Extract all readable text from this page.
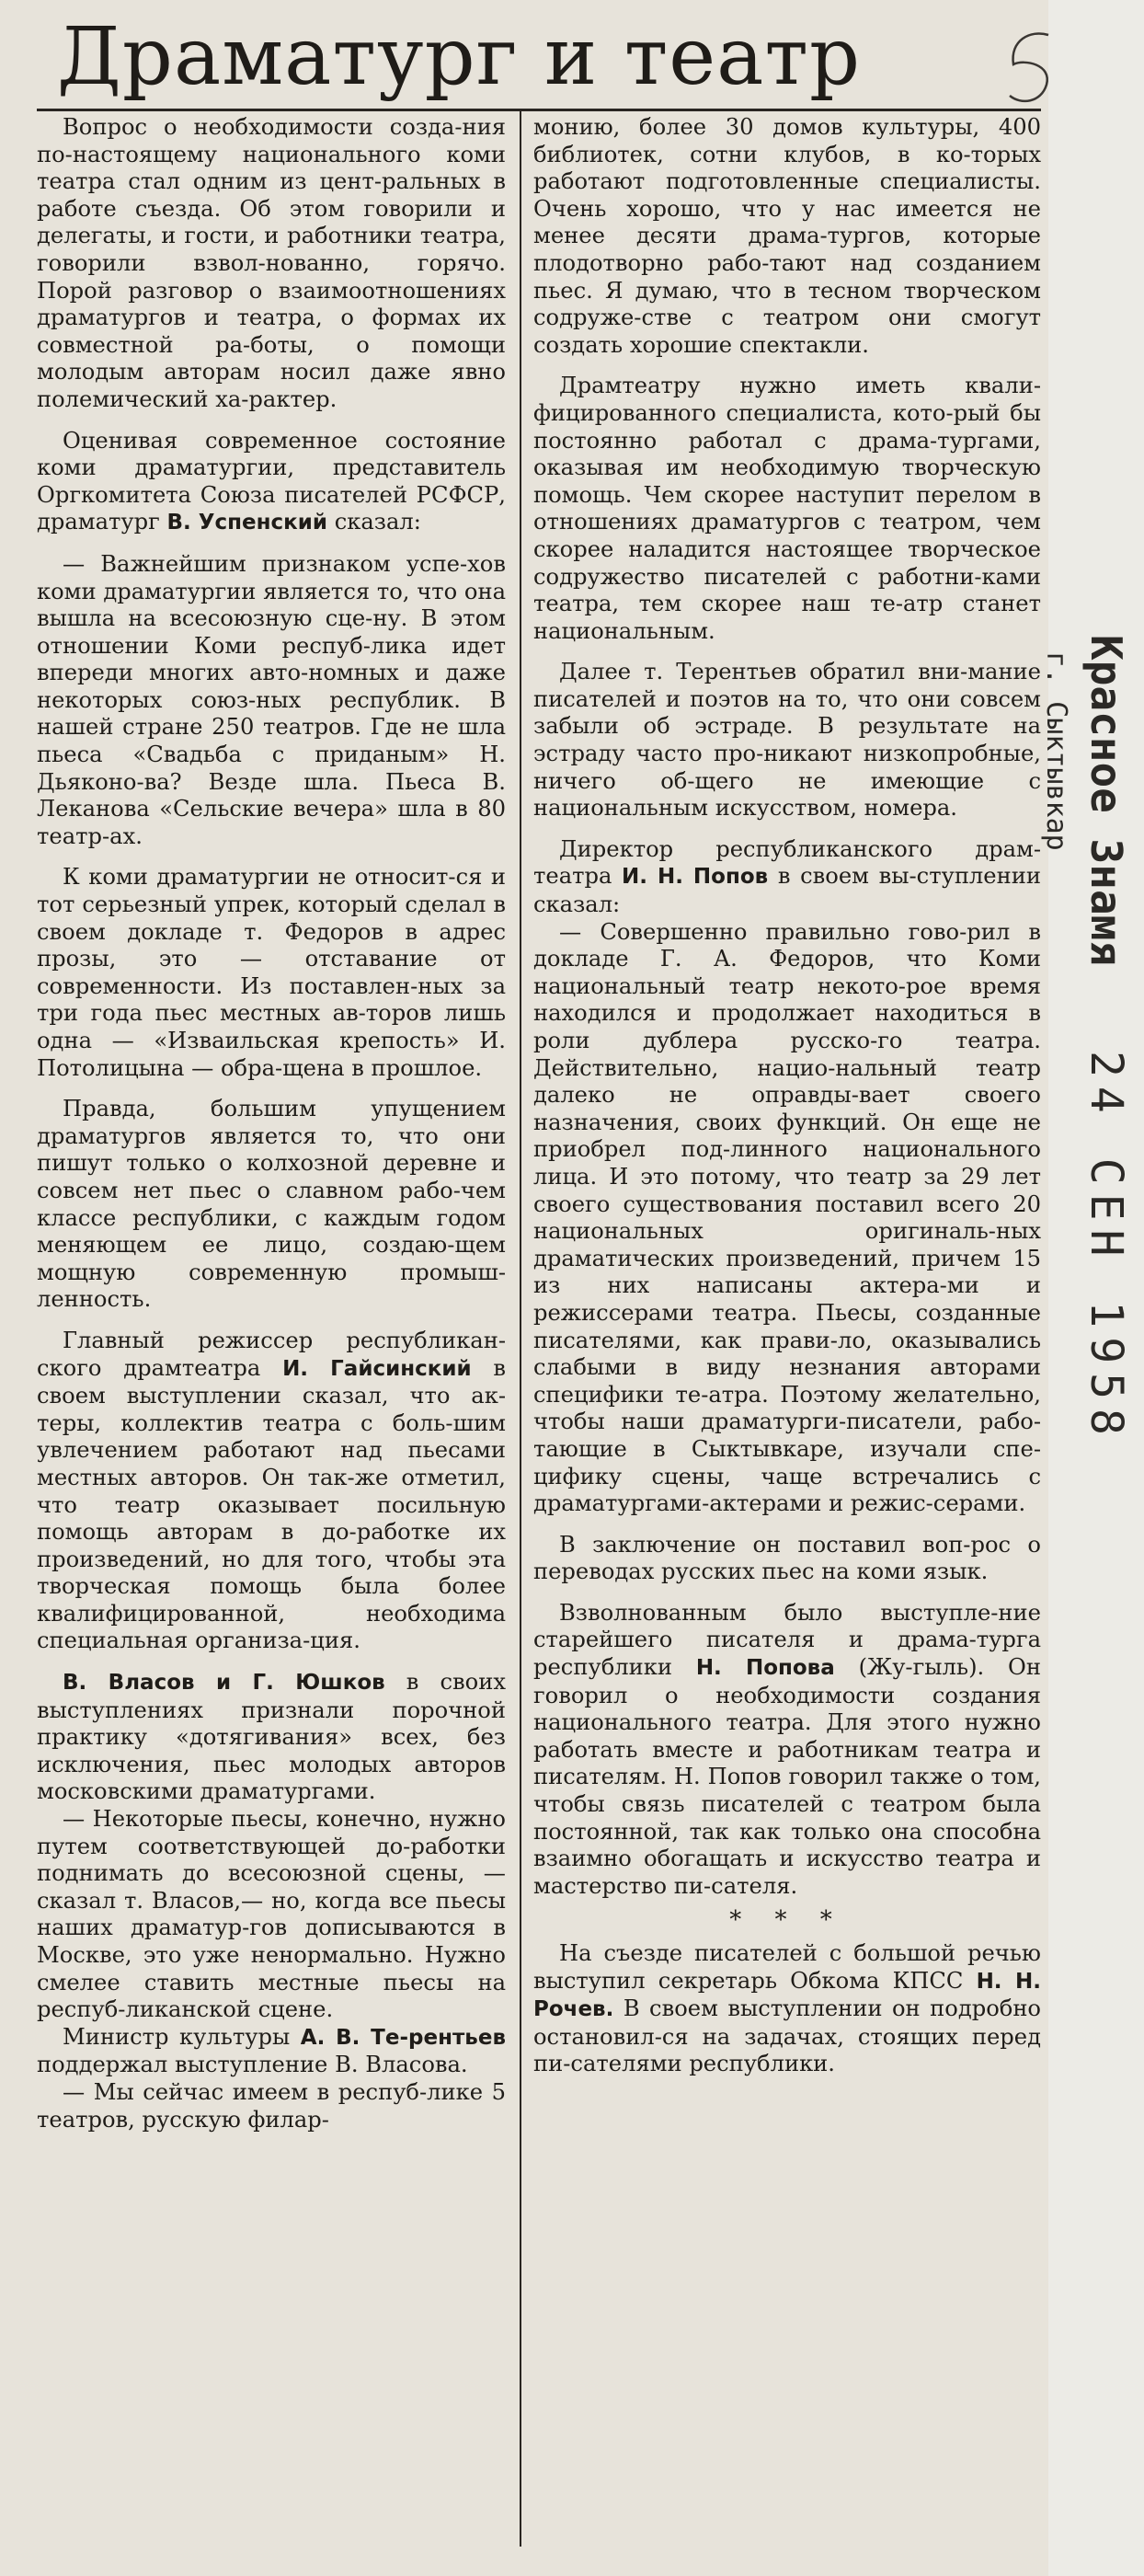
Драматург и театр

Вопрос о необходимости созда-ния по-настоящему национального коми театра стал одним из цент-ральных в работе съезда. Об этом говорили и делегаты, и гости, и работники театра, говорили взвол-нованно, горячо. Порой разговор о взаимоотношениях драматургов и театра, о формах их совместной ра-боты, о помощи молодым авторам носил даже явно полемический ха-рактер.

Оценивая современное состояние коми драматургии, представитель Оргкомитета Союза писателей РСФСР, драматург В. Успенский сказал:

— Важнейшим признаком успе-хов коми драматургии является то, что она вышла на всесоюзную сце-ну. В этом отношении Коми респуб-лика идет впереди многих авто-номных и даже некоторых союз-ных республик. В нашей стране 250 театров. Где не шла пьеса «Свадьба с приданым» Н. Дьяконо-ва? Везде шла. Пьеса В. Леканова «Сельские вечера» шла в 80 театр-ах.

К коми драматургии не относит-ся и тот серьезный упрек, который сделал в своем докладе т. Федоров в адрес прозы, это — отставание от современности. Из поставлен-ных за три года пьес местных ав-торов лишь одна — «Изваильская крепость» И. Потолицына — обра-щена в прошлое.

Правда, большим упущением драматургов является то, что они пишут только о колхозной деревне и совсем нет пьес о славном рабо-чем классе республики, с каждым годом меняющем ее лицо, создаю-щем мощную современную промыш-ленность.

Главный режиссер республикан-ского драмтеатра И. Гайсинский в своем выступлении сказал, что ак-теры, коллектив театра с боль-шим увлечением работают над пьесами местных авторов. Он так-же отметил, что театр оказывает посильную помощь авторам в до-работке их произведений, но для того, чтобы эта творческая помощь была более квалифицированной, необходима специальная организа-ция.

В. Власов и Г. Юшков в своих выступлениях признали порочной практику «дотягивания» всех, без исключения, пьес молодых авторов московскими драматургами.

— Некоторые пьесы, конечно, нужно путем соответствующей до-работки поднимать до всесоюзной сцены, — сказал т. Власов,— но, когда все пьесы наших драматур-гов дописываются в Москве, это уже ненормально. Нужно смелее ставить местные пьесы на респуб-ликанской сцене.

Министр культуры А. В. Те-рентьев поддержал выступление В. Власова.

— Мы сейчас имеем в респуб-лике 5 театров, русскую филар-

монию, более 30 домов культуры, 400 библиотек, сотни клубов, в ко-торых работают подготовленные специалисты. Очень хорошо, что у нас имеется не менее десяти драма-тургов, которые плодотворно рабо-тают над созданием пьес. Я думаю, что в тесном творческом содруже-стве с театром они смогут создать хорошие спектакли.

Драмтеатру нужно иметь квали-фицированного специалиста, кото-рый бы постоянно работал с драма-тургами, оказывая им необходимую творческую помощь. Чем скорее наступит перелом в отношениях драматургов с театром, чем скорее наладится настоящее творческое содружество писателей с работни-ками театра, тем скорее наш те-атр станет национальным.

Далее т. Терентьев обратил вни-мание писателей и поэтов на то, что они совсем забыли об эстраде. В результате на эстраду часто про-никают низкопробные, ничего об-щего не имеющие с национальным искусством, номера.

Директор республиканского драм-театра И. Н. Попов в своем вы-ступлении сказал:

— Совершенно правильно гово-рил в докладе Г. А. Федоров, что Коми национальный театр некото-рое время находился и продолжает находиться в роли дублера русско-го театра. Действительно, нацио-нальный театр далеко не оправды-вает своего назначения, своих функций. Он еще не приобрел под-линного национального лица. И это потому, что театр за 29 лет своего существования поставил всего 20 национальных оригиналь-ных драматических произведений, причем 15 из них написаны актера-ми и режиссерами театра. Пьесы, созданные писателями, как прави-ло, оказывались слабыми в виду незнания авторами специфики те-атра. Поэтому желательно, чтобы наши драматурги-писатели, рабо-тающие в Сыктывкаре, изучали спе-цифику сцены, чаще встречались с драматургами-актерами и режис-серами.

В заключение он поставил воп-рос о переводах русских пьес на коми язык.

Взволнованным было выступле-ние старейшего писателя и драма-турга республики Н. Попова (Жу-гыль). Он говорил о необходимости создания национального театра. Для этого нужно работать вместе и работникам театра и писателям. Н. Попов говорил также о том, чтобы связь писателей с театром была постоянной, так как только она способна взаимно обогащать и искусство театра и мастерство пи-сателя.

* * *

На съезде писателей с большой речью выступил секретарь Обкома КПСС Н. Н. Рочев. В своем выступлении он подробно остановил-ся на задачах, стоящих перед пи-сателями республики.

Красное Знамя
г. Сыктывкар
24 СЕН 1958
